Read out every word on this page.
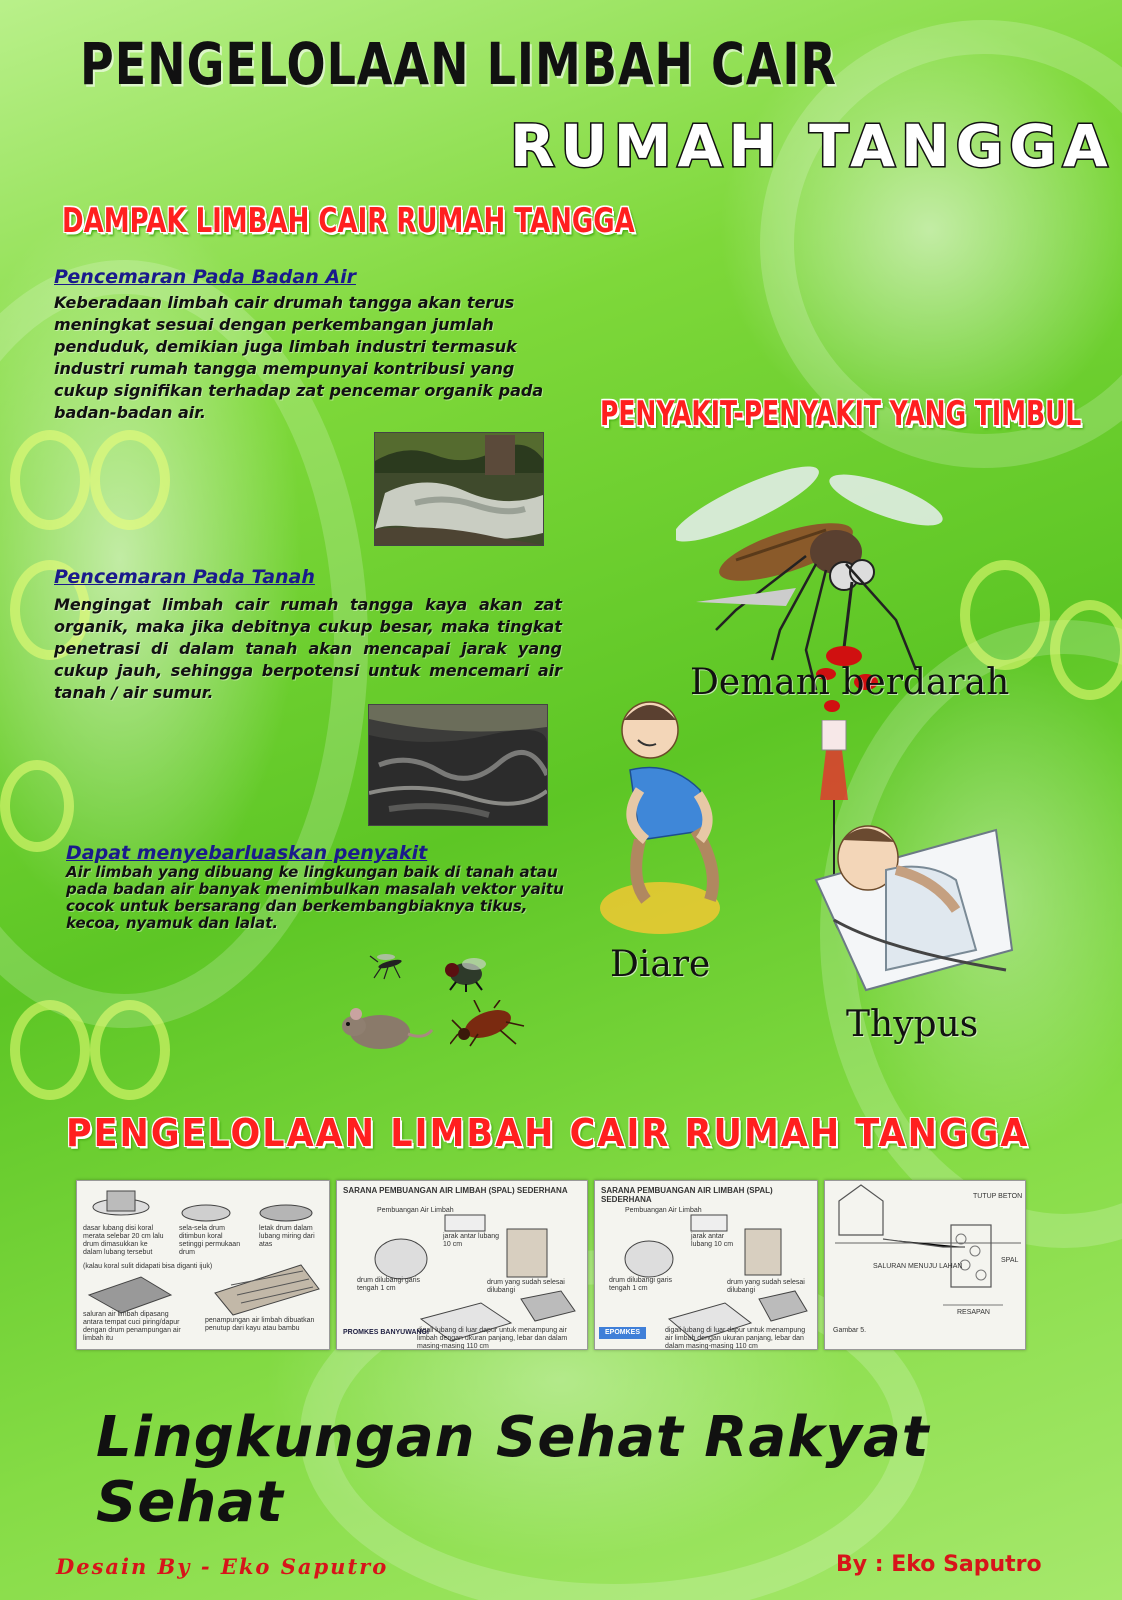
PENGELOLAAN LIMBAH CAIR
RUMAH TANGGA
DAMPAK LIMBAH CAIR RUMAH TANGGA
Pencemaran Pada Badan Air
Keberadaan limbah cair drumah tangga akan terus meningkat sesuai dengan perkembangan jumlah penduduk, demikian juga limbah industri termasuk industri rumah tangga mempunyai kontribusi yang cukup signifikan terhadap zat pencemar organik pada badan-badan air.
Pencemaran Pada Tanah
Mengingat limbah cair rumah tangga kaya akan zat organik, maka jika debitnya cukup besar, maka tingkat penetrasi di dalam tanah akan mencapai jarak yang cukup jauh, sehingga berpotensi untuk mencemari air tanah / air sumur.
Dapat menyebarluaskan penyakit
Air limbah yang dibuang ke lingkungan baik di tanah atau pada badan air banyak menimbulkan masalah vektor yaitu cocok untuk bersarang dan berkembangbiaknya tikus, kecoa, nyamuk dan lalat.
PENYAKIT-PENYAKIT YANG TIMBUL
Demam berdarah
Diare
Thypus
PENGELOLAAN LIMBAH CAIR RUMAH TANGGA
dasar lubang disi koral merata selebar 20 cm lalu drum dimasukkan ke dalam lubang tersebut
sela-sela drum ditimbun koral setinggi permukaan drum
letak drum dalam lubang miring dari atas
(kalau koral sulit didapati bisa diganti ijuk)
saluran air limbah dipasang antara tempat cuci piring/dapur dengan drum penampungan air limbah itu
penampungan air limbah dibuatkan penutup dari kayu atau bambu
SARANA PEMBUANGAN AIR LIMBAH (SPAL) SEDERHANA
Pembuangan Air Limbah
jarak antar lubang 10 cm
drum dilubangi garis tengah 1 cm
drum yang sudah selesai dilubangi
digali lubang di luar dapur untuk menampung air limbah dengan ukuran panjang, lebar dan dalam masing-masing 110 cm
PROMKES BANYUWANGI
SARANA PEMBUANGAN AIR LIMBAH (SPAL) SEDERHANA
Pembuangan Air Limbah
jarak antar lubang 10 cm
drum dilubangi garis tengah 1 cm
drum yang sudah selesai dilubangi
digali lubang di luar dapur untuk menampung air limbah dengan ukuran panjang, lebar dan dalam masing-masing 110 cm
EPOMKES
TUTUP BETON
SALURAN MENUJU LAHAN
SPAL
RESAPAN
Gambar 5.
Lingkungan Sehat Rakyat Sehat
Desain By - Eko Saputro	By : Eko Saputro
